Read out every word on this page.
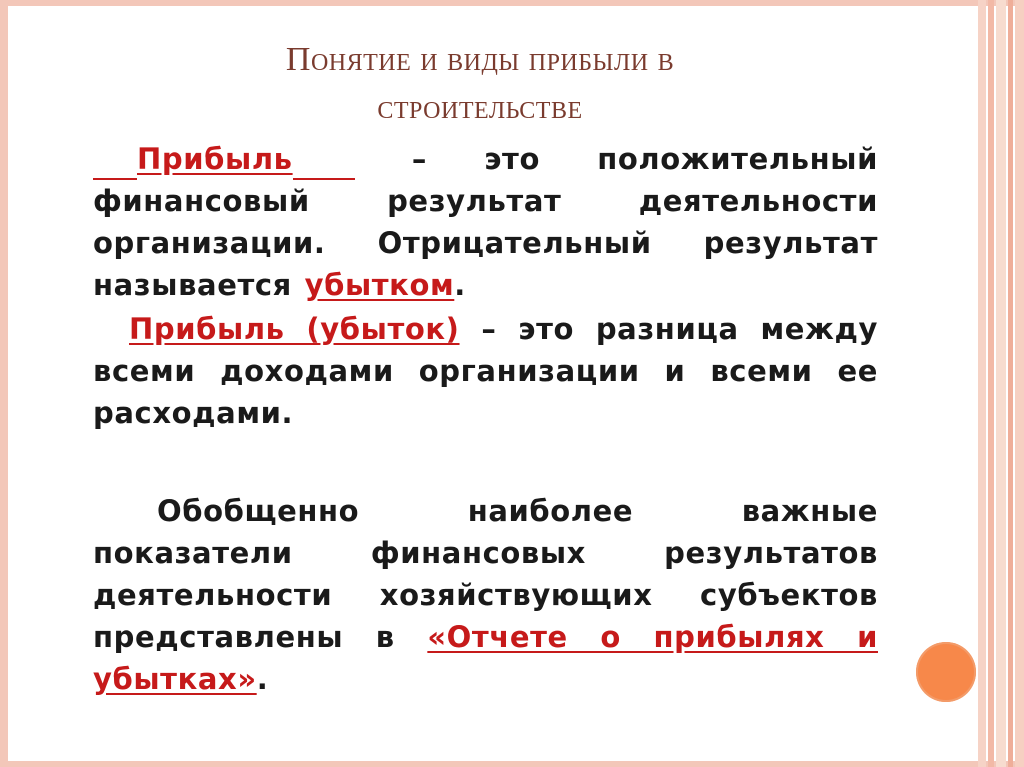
Понятие и виды прибыли в
строительстве
Прибыль	– это положительный финансовый результат деятельности организации. Отрицательный результат называется убытком.
Прибыль (убыток) – это разница между всеми доходами организации и всеми ее расходами.
Обобщенно наиболее важные показатели финансовых результатов деятельности хозяйствующих субъектов представлены в «Отчете о прибылях и убытках».
